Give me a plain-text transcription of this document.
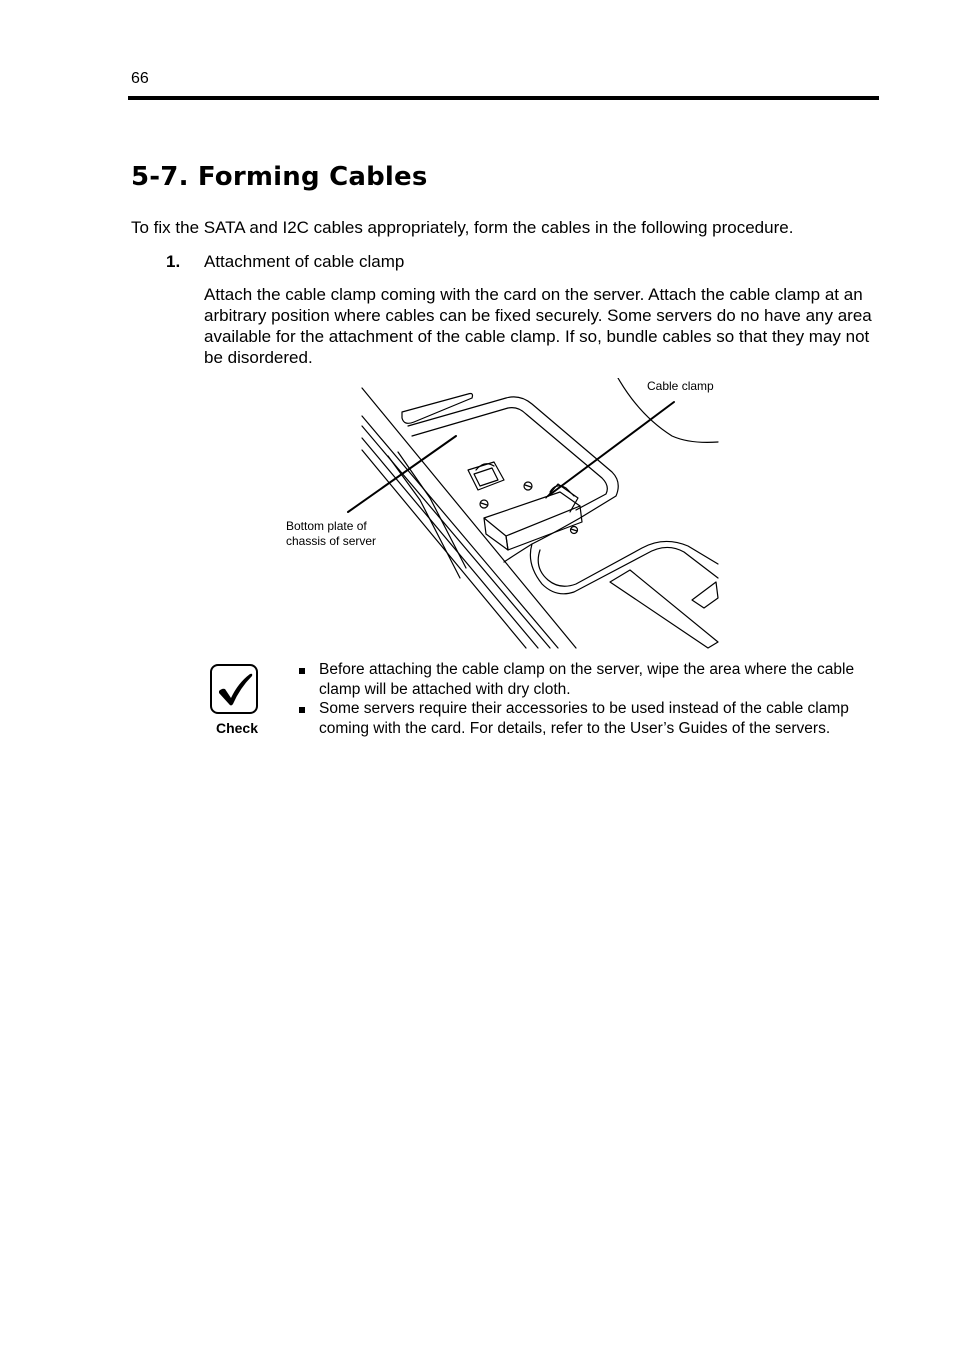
66
5-7. Forming Cables

To fix the SATA and I2C cables appropriately, form the cables in the following procedure.

1. Attachment of cable clamp

Attach the cable clamp coming with the card on the server. Attach the cable clamp at an arbitrary position where cables can be fixed securely. Some servers do no have any area available for the attachment of the cable clamp. If so, bundle cables so that they may not be disordered.

Cable clamp
Bottom plate of chassis of server
Check
Before attaching the cable clamp on the server, wipe the area where the cable clamp will be attached with dry cloth.
Some servers require their accessories to be used instead of the cable clamp coming with the card. For details, refer to the User’s Guides of the servers.
